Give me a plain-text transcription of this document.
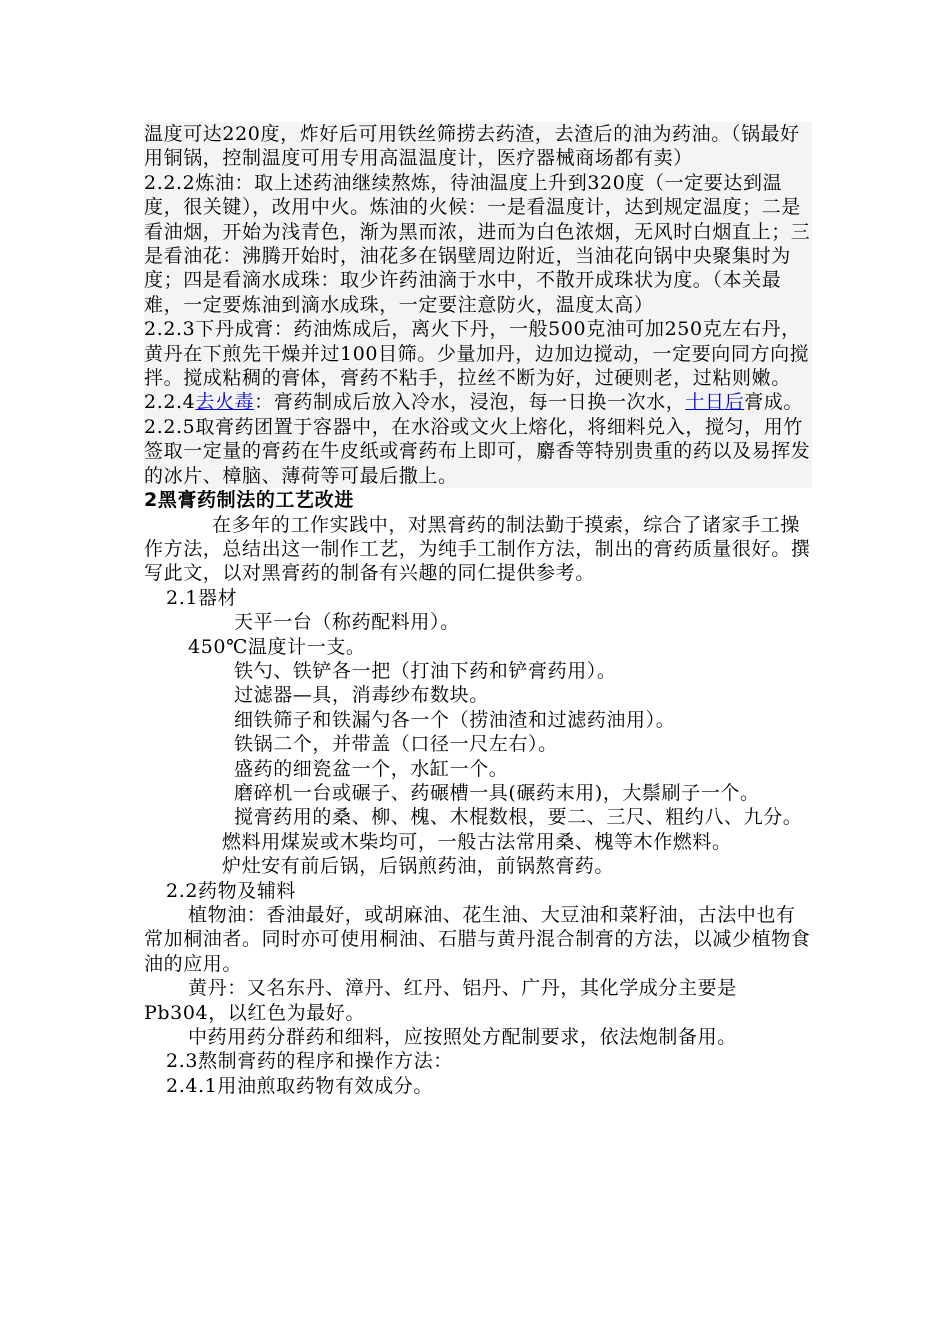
温度可达220度，炸好后可用铁丝筛捞去药渣，去渣后的油为药油。（锅最好用铜锅，控制温度可用专用高温温度计，医疗器械商场都有卖）

2.2.2炼油：取上述药油继续熬炼，待油温度上升到320度（一定要达到温度，很关键），改用中火。炼油的火候：一是看温度计，达到规定温度；二是看油烟，开始为浅青色，渐为黑而浓，进而为白色浓烟，无风时白烟直上；三是看油花：沸腾开始时，油花多在锅壁周边附近，当油花向锅中央聚集时为度；四是看滴水成珠：取少许药油滴于水中，不散开成珠状为度。（本关最难，一定要炼油到滴水成珠，一定要注意防火，温度太高）

2.2.3下丹成膏：药油炼成后，离火下丹，一般500克油可加250克左右丹，黄丹在下煎先干燥并过100目筛。少量加丹，边加边搅动，一定要向同方向搅拌。搅成粘稠的膏体，膏药不粘手，拉丝不断为好，过硬则老，过粘则嫩。

2.2.4去火毒：膏药制成后放入冷水，浸泡，每一日换一次水，十日后膏成。

2.2.5取膏药团置于容器中，在水浴或文火上熔化，将细料兑入，搅匀，用竹签取一定量的膏药在牛皮纸或膏药布上即可，麝香等特别贵重的药以及易挥发的冰片、樟脑、薄荷等可最后撒上。

2黑膏药制法的工艺改进

在多年的工作实践中，对黑膏药的制法勤于摸索，综合了诸家手工操作方法，总结出这一制作工艺，为纯手工制作方法，制出的膏药质量很好。撰写此文，以对黑膏药的制备有兴趣的同仁提供参考。

2.1器材

天平一台（称药配料用）。

450℃温度计一支。

铁勺、铁铲各一把（打油下药和铲膏药用）。

过滤器—具，消毒纱布数块。

细铁筛子和铁漏勺各一个（捞油渣和过滤药油用）。

铁锅二个，并带盖（口径一尺左右）。

盛药的细瓷盆一个，水缸一个。

磨碎机一台或碾子、药碾槽一具(碾药末用)，大鬃刷子一个。

搅膏药用的桑、柳、槐、木棍数根，要二、三尺、粗约八、九分。

燃料用煤炭或木柴均可，一般古法常用桑、槐等木作燃料。

炉灶安有前后锅，后锅煎药油，前锅熬膏药。

2.2药物及辅料

植物油：香油最好，或胡麻油、花生油、大豆油和菜籽油，古法中也有常加桐油者。同时亦可使用桐油、石腊与黄丹混合制膏的方法，以减少植物食油的应用。

黄丹：又名东丹、漳丹、红丹、铝丹、广丹，其化学成分主要是Pb304，以红色为最好。

中药用药分群药和细料，应按照处方配制要求，依法炮制备用。

2.3熬制膏药的程序和操作方法：

2.4.1用油煎取药物有效成分。
